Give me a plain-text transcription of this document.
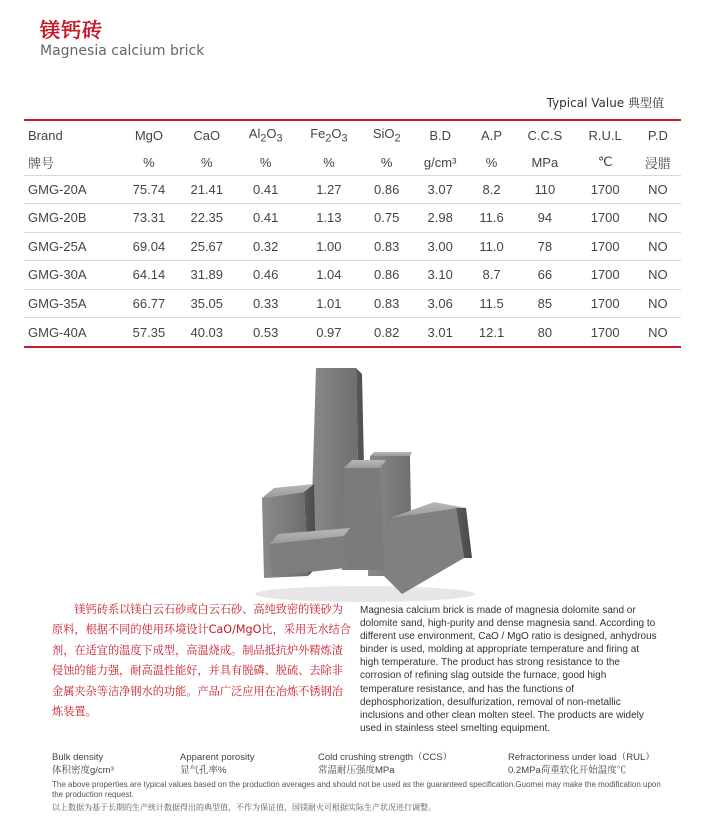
镁钙砖
Magnesia calcium brick
Typical Value 典型值
Brand	MgO	CaO	$Al_2O_3$	$Fe_2O_3$	SiO$_2$	B.D	A.P	C.C.S	R.U.L	P.D
牌号	%	%	%	%	%	g/cm³	%	MPa	℃	浸腊
GMG-20A	75.74	21.41	0.41	1.27	0.86	3.07	8.2	110	1700	NO
GMG-20B	73.31	22.35	0.41	1.13	0.75	2.98	11.6	94	1700	NO
GMG-25A	69.04	25.67	0.32	1.00	0.83	3.00	11.0	78	1700	NO
GMG-30A	64.14	31.89	0.46	1.04	0.86	3.10	8.7	66	1700	NO
GMG-35A	66.77	35.05	0.33	1.01	0.83	3.06	11.5	85	1700	NO
GMG-40A	57.35	40.03	0.53	0.97	0.82	3.01	12.1	80	1700	NO
镁钙砖系以镁白云石砂或白云石砂、高纯致密的镁砂为原料，根据不同的使用环境设计CaO/MgO比，采用无水结合剂，在适宜的温度下成型，高温烧成。制品抵抗炉外精炼渣侵蚀的能力强，耐高温性能好，并具有脱磷、脱硫、去除非金属夹杂等洁净钢水的功能。产品广泛应用在冶炼不锈钢冶炼装置。
Magnesia calcium brick is made of magnesia dolomite sand or dolomite sand, high-purity and dense magnesia sand. According to different use environment, CaO / MgO ratio is designed, anhydrous binder is used, molding at appropriate temperature and firing at high temperature. The product has strong resistance to the corrosion of refining slag outside the furnace, good high temperature resistance, and has the functions of dephosphorization, desulfurization, removal of non-metallic inclusions and other clean molten steel. The products are widely used in stainless steel smelting equipment.
Bulk density
体积密度g/cm³
Apparent porosity
显气孔率%
Cold crushing strength（CCS）
常温耐压强度MPa
Refractoriness under load（RUL）
0.2MPa荷重软化开始温度℃
The above properties are typical values based on the production averages and should not be used as the guaranteed specification.Guomei may make the modification upon the production request.
以上数据为基于长期的生产统计数据得出的典型值，不作为保证值，国镁耐火可根据实际生产状况进行调整。
